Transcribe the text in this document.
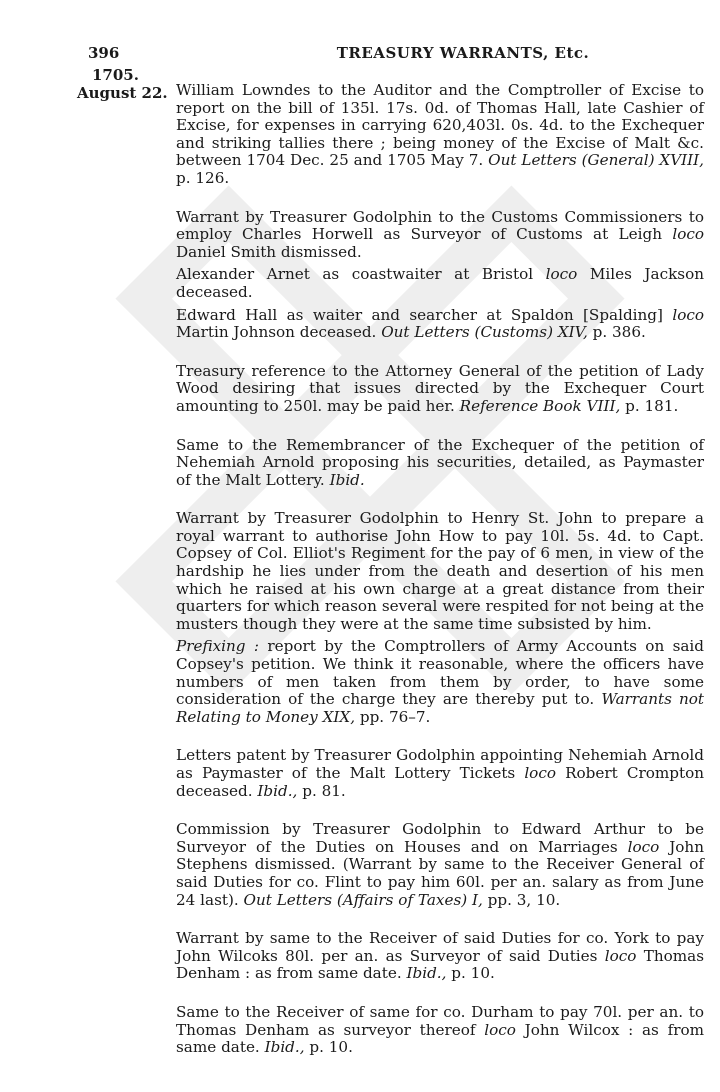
396	TREASURY WARRANTS, Etc.
1705.
August 22. William Lowndes to the Auditor and the Comptroller of Excise to report on the bill of 135l. 17s. 0d. of Thomas Hall, late Cashier of Excise, for expenses in carrying 620,403l. 0s. 4d. to the Exchequer and striking tallies there ; being money of the Excise of Malt &c. between 1704 Dec. 25 and 1705 May 7. Out Letters (General) XVIII, p. 126.

Warrant by Treasurer Godolphin to the Customs Commissioners to employ Charles Horwell as Surveyor of Customs at Leigh loco Daniel Smith dismissed.

Alexander Arnet as coastwaiter at Bristol loco Miles Jackson deceased.

Edward Hall as waiter and searcher at Spaldon [Spalding] loco Martin Johnson deceased. Out Letters (Customs) XIV, p. 386.

Treasury reference to the Attorney General of the petition of Lady Wood desiring that issues directed by the Exchequer Court amounting to 250l. may be paid her. Reference Book VIII, p. 181.

Same to the Remembrancer of the Exchequer of the petition of Nehemiah Arnold proposing his securities, detailed, as Paymaster of the Malt Lottery. Ibid.

Warrant by Treasurer Godolphin to Henry St. John to prepare a royal warrant to authorise John How to pay 10l. 5s. 4d. to Capt. Copsey of Col. Elliot's Regiment for the pay of 6 men, in view of the hardship he lies under from the death and desertion of his men which he raised at his own charge at a great distance from their quarters for which reason several were respited for not being at the musters though they were at the same time subsisted by him.

Prefixing : report by the Comptrollers of Army Accounts on said Copsey's petition. We think it reasonable, where the officers have numbers of men taken from them by order, to have some consideration of the charge they are thereby put to. Warrants not Relating to Money XIX, pp. 76–7.

Letters patent by Treasurer Godolphin appointing Nehemiah Arnold as Paymaster of the Malt Lottery Tickets loco Robert Crompton deceased. Ibid., p. 81.

Commission by Treasurer Godolphin to Edward Arthur to be Surveyor of the Duties on Houses and on Marriages loco John Stephens dismissed. (Warrant by same to the Receiver General of said Duties for co. Flint to pay him 60l. per an. salary as from June 24 last). Out Letters (Affairs of Taxes) I, pp. 3, 10.

Warrant by same to the Receiver of said Duties for co. York to pay John Wilcoks 80l. per an. as Surveyor of said Duties loco Thomas Denham : as from same date. Ibid., p. 10.

Same to the Receiver of same for co. Durham to pay 70l. per an. to Thomas Denham as surveyor thereof loco John Wilcox : as from same date. Ibid., p. 10.
